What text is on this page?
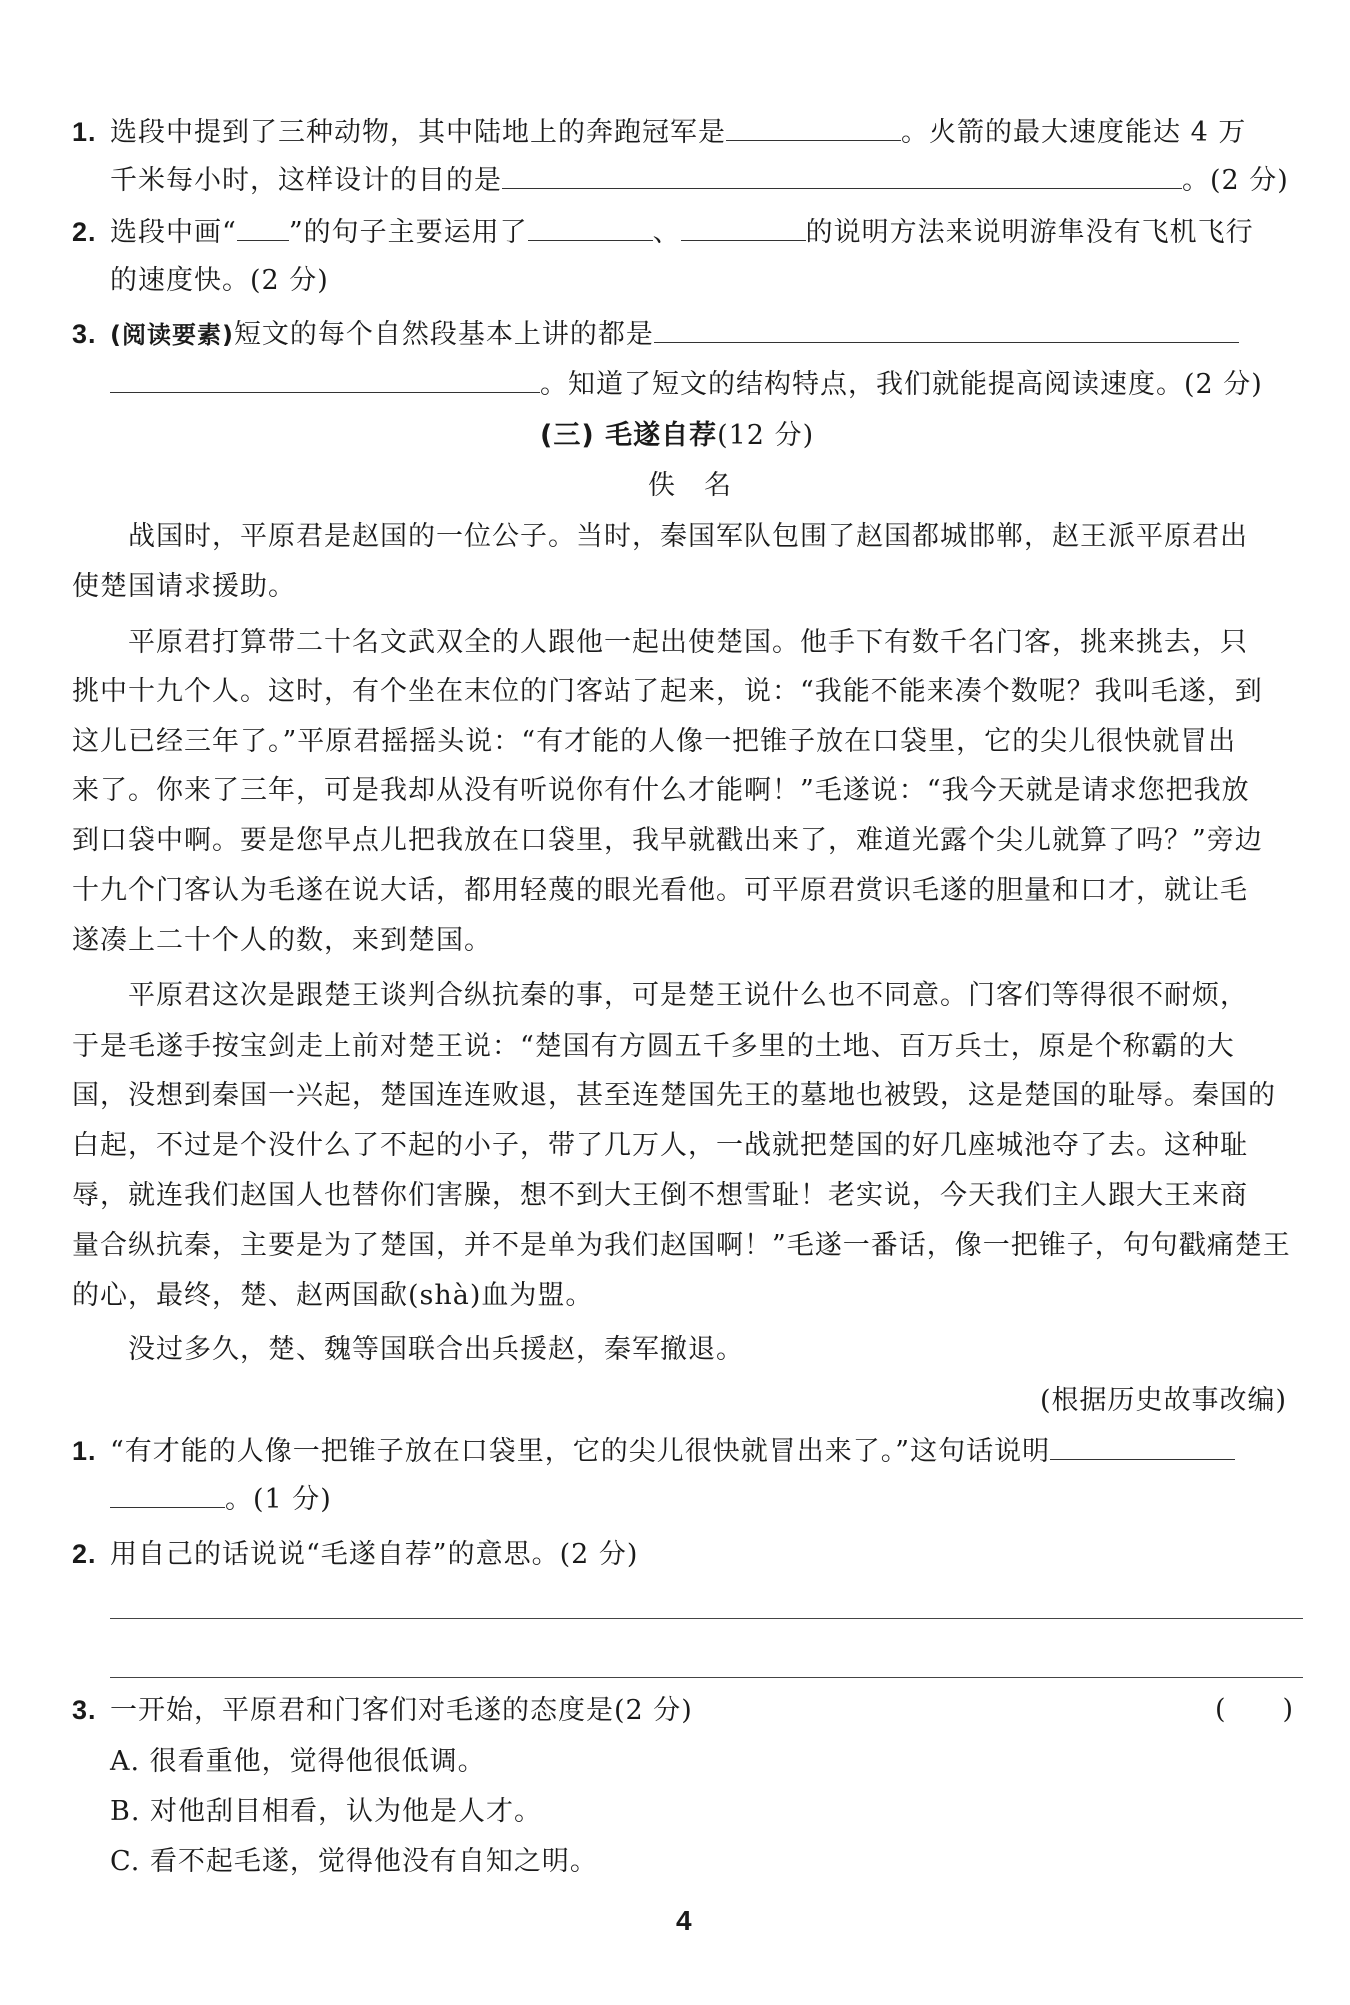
1. 选段中提到了三种动物，其中陆地上的奔跑冠军是	。火箭的最大速度能达 4 万
千米每小时，这样设计的目的是	。(2 分)
2. 选段中画“ ”的句子主要运用了	、	的说明方法来说明游隼没有飞机飞行
的速度快。(2 分)
3. (阅读要素)短文的每个自然段基本上讲的都是
。知道了短文的结构特点，我们就能提高阅读速度。(2 分)
(三) 毛遂自荐(12 分)
佚　名
　　战国时，平原君是赵国的一位公子。当时，秦国军队包围了赵国都城邯郸，赵王派平原君出
使楚国请求援助。
　　平原君打算带二十名文武双全的人跟他一起出使楚国。他手下有数千名门客，挑来挑去，只
挑中十九个人。这时，有个坐在末位的门客站了起来，说：“我能不能来凑个数呢？我叫毛遂，到
这儿已经三年了。”平原君摇摇头说：“有才能的人像一把锥子放在口袋里，它的尖儿很快就冒出
来了。你来了三年，可是我却从没有听说你有什么才能啊！”毛遂说：“我今天就是请求您把我放
到口袋中啊。要是您早点儿把我放在口袋里，我早就戳出来了，难道光露个尖儿就算了吗？”旁边
十九个门客认为毛遂在说大话，都用轻蔑的眼光看他。可平原君赏识毛遂的胆量和口才，就让毛
遂凑上二十个人的数，来到楚国。
　　平原君这次是跟楚王谈判合纵抗秦的事，可是楚王说什么也不同意。门客们等得很不耐烦，
于是毛遂手按宝剑走上前对楚王说：“楚国有方圆五千多里的土地、百万兵士，原是个称霸的大
国，没想到秦国一兴起，楚国连连败退，甚至连楚国先王的墓地也被毁，这是楚国的耻辱。秦国的
白起，不过是个没什么了不起的小子，带了几万人，一战就把楚国的好几座城池夺了去。这种耻
辱，就连我们赵国人也替你们害臊，想不到大王倒不想雪耻！老实说，今天我们主人跟大王来商
量合纵抗秦，主要是为了楚国，并不是单为我们赵国啊！”毛遂一番话，像一把锥子，句句戳痛楚王
的心，最终，楚、赵两国歃(shà)血为盟。
　　没过多久，楚、魏等国联合出兵援赵，秦军撤退。
(根据历史故事改编)
1. “有才能的人像一把锥子放在口袋里，它的尖儿很快就冒出来了。”这句话说明
。(1 分)
2. 用自己的话说说“毛遂自荐”的意思。(2 分)
3. 一开始，平原君和门客们对毛遂的态度是(2 分)	(　　)
A. 很看重他，觉得他很低调。
B. 对他刮目相看，认为他是人才。
C. 看不起毛遂，觉得他没有自知之明。
4
